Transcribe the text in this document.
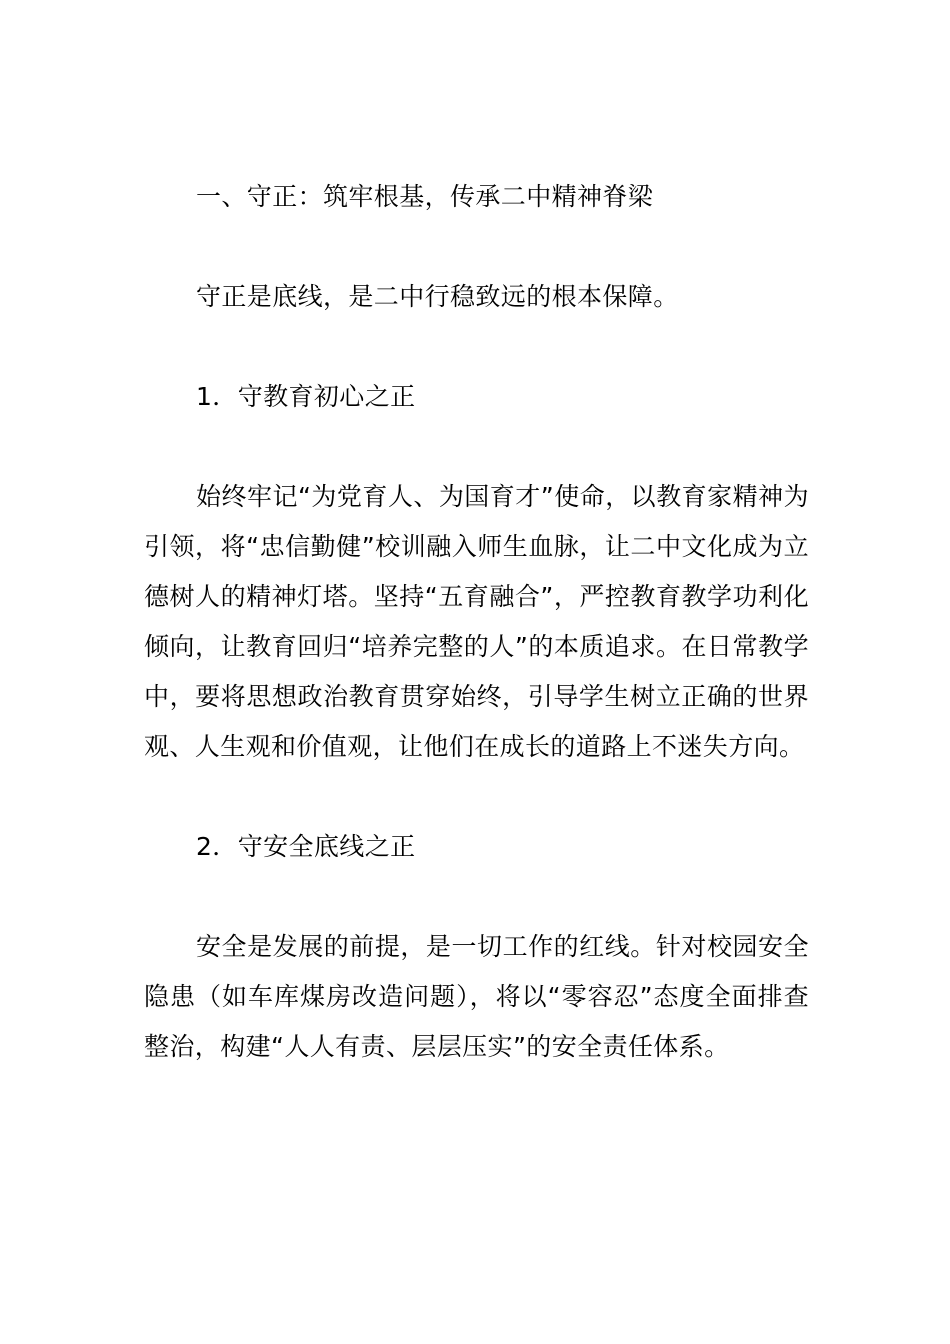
一、守正：筑牢根基，传承二中精神脊梁

守正是底线，是二中行稳致远的根本保障。

1．守教育初心之正

始终牢记“为党育人、为国育才”使命，以教育家精神为引领，将“忠信勤健”校训融入师生血脉，让二中文化成为立德树人的精神灯塔。坚持“五育融合”，严控教育教学功利化倾向，让教育回归“培养完整的人”的本质追求。在日常教学中，要将思想政治教育贯穿始终，引导学生树立正确的世界观、人生观和价值观，让他们在成长的道路上不迷失方向。

2．守安全底线之正

安全是发展的前提，是一切工作的红线。针对校园安全隐患（如车库煤房改造问题），将以“零容忍”态度全面排查整治，构建“人人有责、层层压实”的安全责任体系。
